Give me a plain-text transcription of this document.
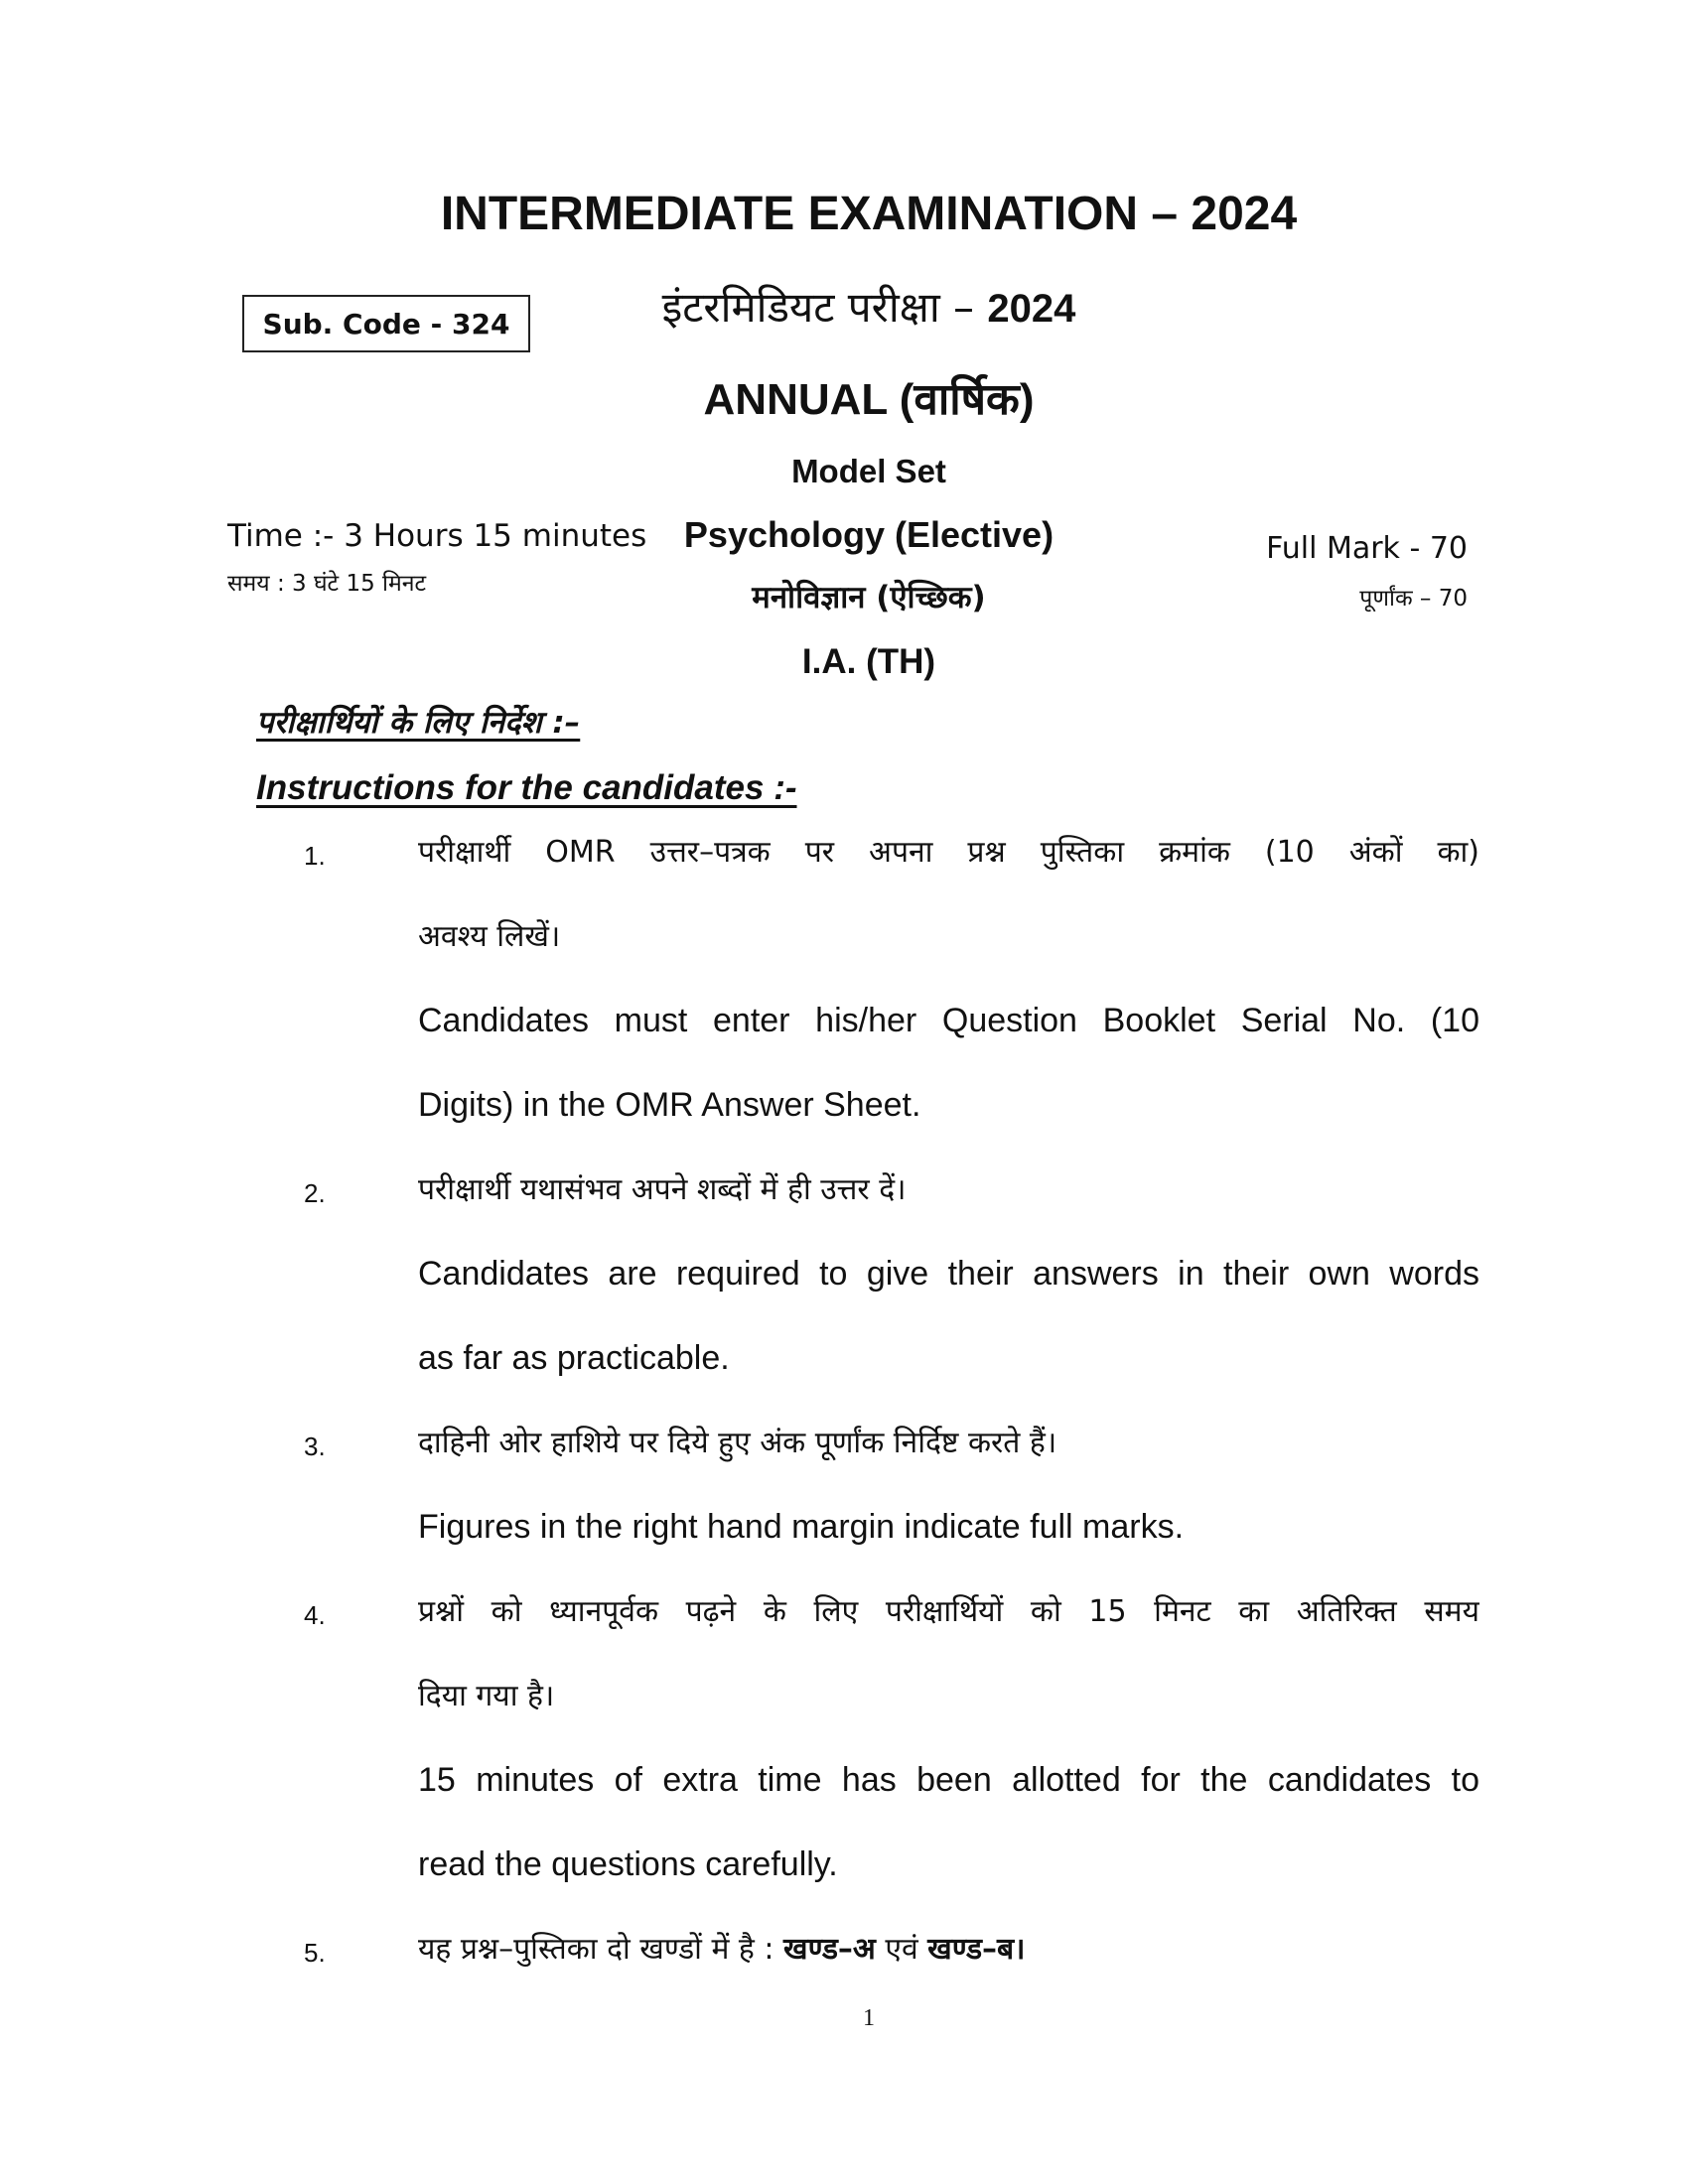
INTERMEDIATE EXAMINATION – 2024
Sub. Code - 324	इंटरमिडियट परीक्षा – 2024
ANNUAL (वार्षिक)
Model Set
Psychology (Elective)
मनोविज्ञान (ऐच्छिक)
I.A. (TH)
Time :- 3 Hours 15 minutes
समय : 3 घंटे 15 मिनट
Full Mark - 70
पूर्णांक – 70
परीक्षार्थियों के लिए निर्देश :–
Instructions for the candidates :-
1.	परीक्षार्थी OMR उत्तर–पत्रक पर अपना प्रश्न पुस्तिका क्रमांक (10 अंकों का)
अवश्य लिखें।
Candidates must enter his/her Question Booklet Serial No. (10
Digits) in the OMR Answer Sheet.
2.	परीक्षार्थी यथासंभव अपने शब्दों में ही उत्तर दें।
Candidates are required to give their answers in their own words
as far as practicable.
3.	दाहिनी ओर हाशिये पर दिये हुए अंक पूर्णांक निर्दिष्ट करते हैं।
Figures in the right hand margin indicate full marks.
4.	प्रश्नों को ध्यानपूर्वक पढ़ने के लिए परीक्षार्थियों को 15 मिनट का अतिरिक्त समय
दिया गया है।
15 minutes of extra time has been allotted for the candidates to
read the questions carefully.
5.	यह प्रश्न–पुस्तिका दो खण्डों में है : खण्ड–अ एवं खण्ड–ब।
1
